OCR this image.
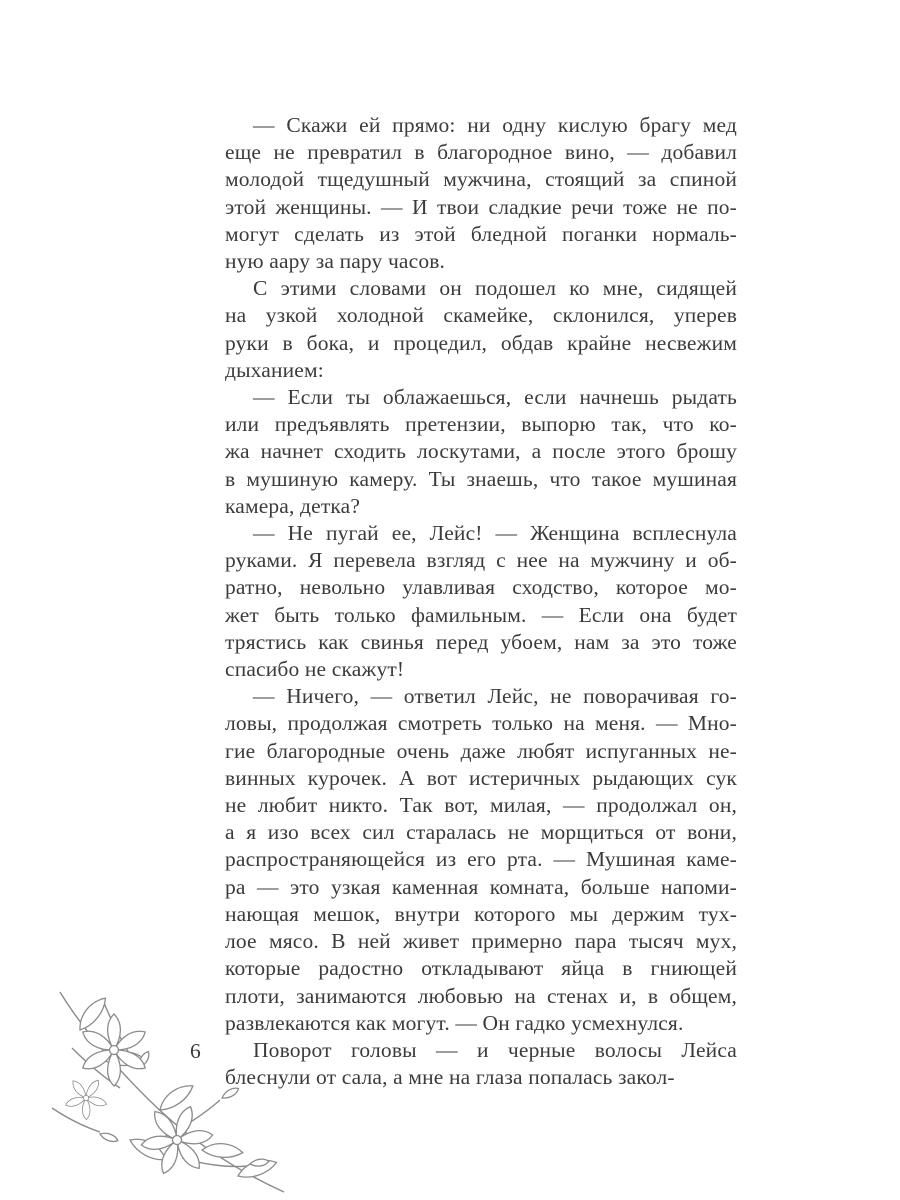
6
— Скажи ей прямо: ни одну кислую брагу мед
еще не превратил в благородное вино, — добавил
молодой тщедушный мужчина, стоящий за спиной
этой женщины. — И твои сладкие речи тоже не по-
могут сделать из этой бледной поганки нормаль-
ную аару за пару часов.
С этими словами он подошел ко мне, сидящей
на узкой холодной скамейке, склонился, уперев
руки в бока, и процедил, обдав крайне несвежим
дыханием:
— Если ты облажаешься, если начнешь рыдать
или предъявлять претензии, выпорю так, что ко-
жа начнет сходить лоскутами, а после этого брошу
в мушиную камеру. Ты знаешь, что такое мушиная
камера, детка?
— Не пугай ее, Лейс! — Женщина всплеснула
руками. Я перевела взгляд с нее на мужчину и об-
ратно, невольно улавливая сходство, которое мо-
жет быть только фамильным. — Если она будет
трястись как свинья перед убоем, нам за это тоже
спасибо не скажут!
— Ничего, — ответил Лейс, не поворачивая го-
ловы, продолжая смотреть только на меня. — Мно-
гие благородные очень даже любят испуганных не-
винных курочек. А вот истеричных рыдающих сук
не любит никто. Так вот, милая, — продолжал он,
а я изо всех сил старалась не морщиться от вони,
распространяющейся из его рта. — Мушиная каме-
ра — это узкая каменная комната, больше напоми-
нающая мешок, внутри которого мы держим тух-
лое мясо. В ней живет примерно пара тысяч мух,
которые радостно откладывают яйца в гниющей
плоти, занимаются любовью на стенах и, в общем,
развлекаются как могут. — Он гадко усмехнулся.
Поворот головы — и черные волосы Лейса
блеснули от сала, а мне на глаза попалась закол-
